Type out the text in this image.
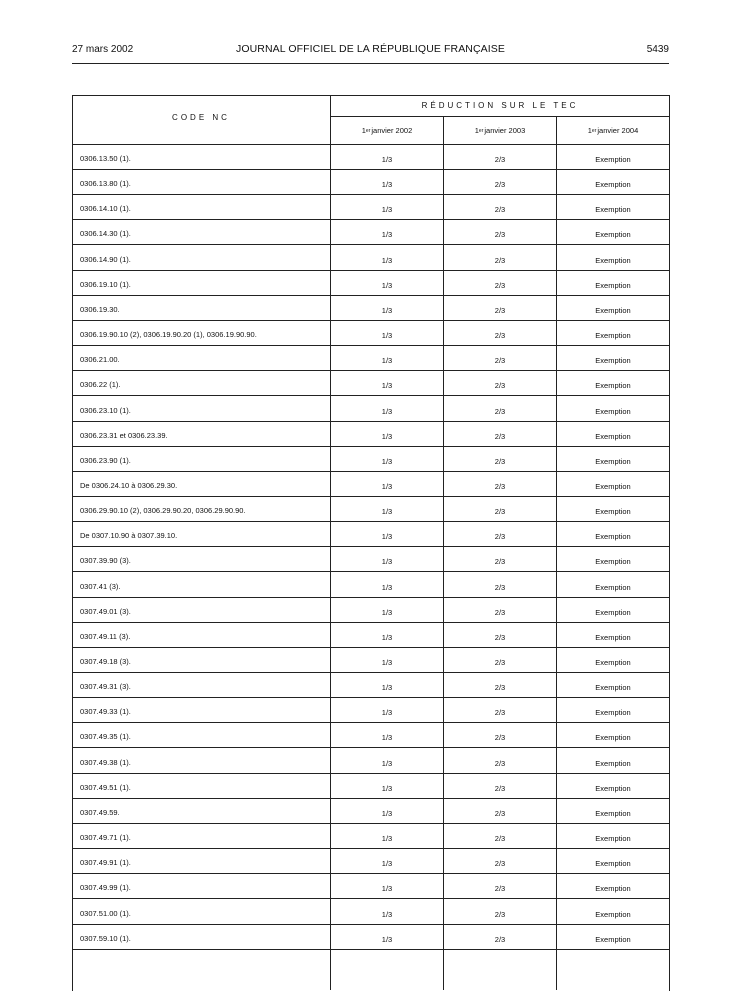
27 mars 2002	JOURNAL OFFICIEL DE LA RÉPUBLIQUE FRANÇAISE	5439
CODE NC
RÉDUCTION SUR LE TEC
1 er janvier 2002	1 er janvier 2003	1 er janvier 2004
0306.13.50 (1).	1/3	2/3	Exemption
0306.13.80 (1).	1/3	2/3	Exemption
0306.14.10 (1).	1/3	2/3	Exemption
0306.14.30 (1).	1/3	2/3	Exemption
0306.14.90 (1).	1/3	2/3	Exemption
0306.19.10 (1).	1/3	2/3	Exemption
0306.19.30.	1/3	2/3	Exemption
0306.19.90.10 (2), 0306.19.90.20 (1), 0306.19.90.90.	1/3	2/3	Exemption
0306.21.00.	1/3	2/3	Exemption
0306.22 (1).	1/3	2/3	Exemption
0306.23.10 (1).	1/3	2/3	Exemption
0306.23.31 et 0306.23.39.	1/3	2/3	Exemption
0306.23.90 (1).	1/3	2/3	Exemption
De 0306.24.10 à 0306.29.30.	1/3	2/3	Exemption
0306.29.90.10 (2), 0306.29.90.20, 0306.29.90.90.	1/3	2/3	Exemption
De 0307.10.90 à 0307.39.10.	1/3	2/3	Exemption
0307.39.90 (3).	1/3	2/3	Exemption
0307.41 (3).	1/3	2/3	Exemption
0307.49.01 (3).	1/3	2/3	Exemption
0307.49.11 (3).	1/3	2/3	Exemption
0307.49.18 (3).	1/3	2/3	Exemption
0307.49.31 (3).	1/3	2/3	Exemption
0307.49.33 (1).	1/3	2/3	Exemption
0307.49.35 (1).	1/3	2/3	Exemption
0307.49.38 (1).	1/3	2/3	Exemption
0307.49.51 (1).	1/3	2/3	Exemption
0307.49.59.	1/3	2/3	Exemption
0307.49.71 (1).	1/3	2/3	Exemption
0307.49.91 (1).	1/3	2/3	Exemption
0307.49.99 (1).	1/3	2/3	Exemption
0307.51.00 (1).	1/3	2/3	Exemption
0307.59.10 (1).	1/3	2/3	Exemption
